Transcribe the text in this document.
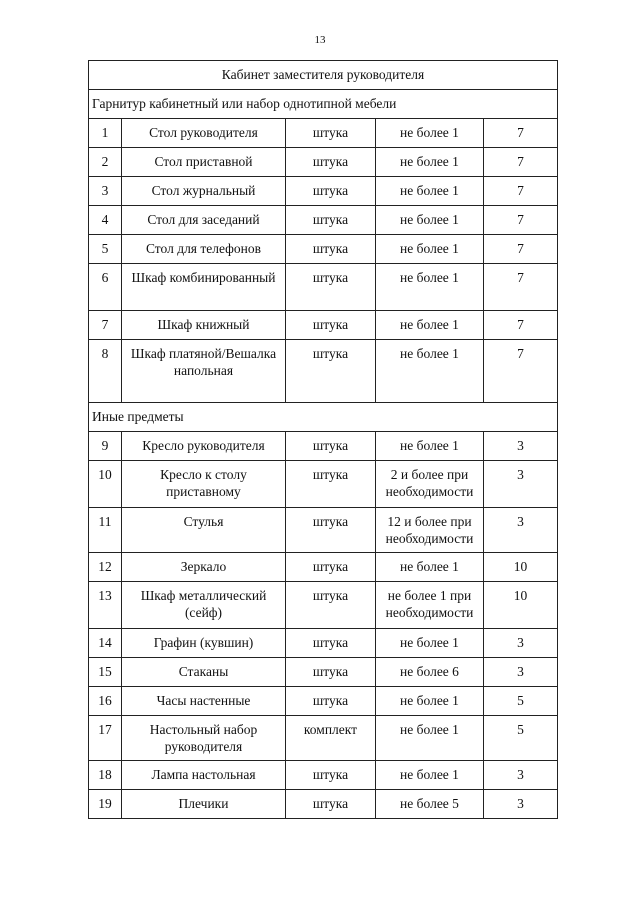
13
Кабинет заместителя руководителя				
Гарнитур кабинетный или набор однотипной мебели				
1	Стол руководителя	штука	не более 1	7
2	Стол приставной	штука	не более 1	7
3	Стол журнальный	штука	не более 1	7
4	Стол для заседаний	штука	не более 1	7
5	Стол для телефонов	штука	не более 1	7
6	Шкаф комбинированный	штука	не более 1	7
7	Шкаф книжный	штука	не более 1	7
8	Шкаф платяной/Вешалка напольная	штука	не более 1	7
Иные предметы				
9	Кресло руководителя	штука	не более 1	3
10	Кресло к столу приставному	штука	2 и более при необходимости	3
11	Стулья	штука	12 и более при необходимости	3
12	Зеркало	штука	не более 1	10
13	Шкаф металлический (сейф)	штука	не более 1 при необходимости	10
14	Графин (кувшин)	штука	не более 1	3
15	Стаканы	штука	не более 6	3
16	Часы настенные	штука	не более 1	5
17	Настольный набор руководителя	комплект	не более 1	5
18	Лампа настольная	штука	не более 1	3
19	Плечики	штука	не более 5	3
